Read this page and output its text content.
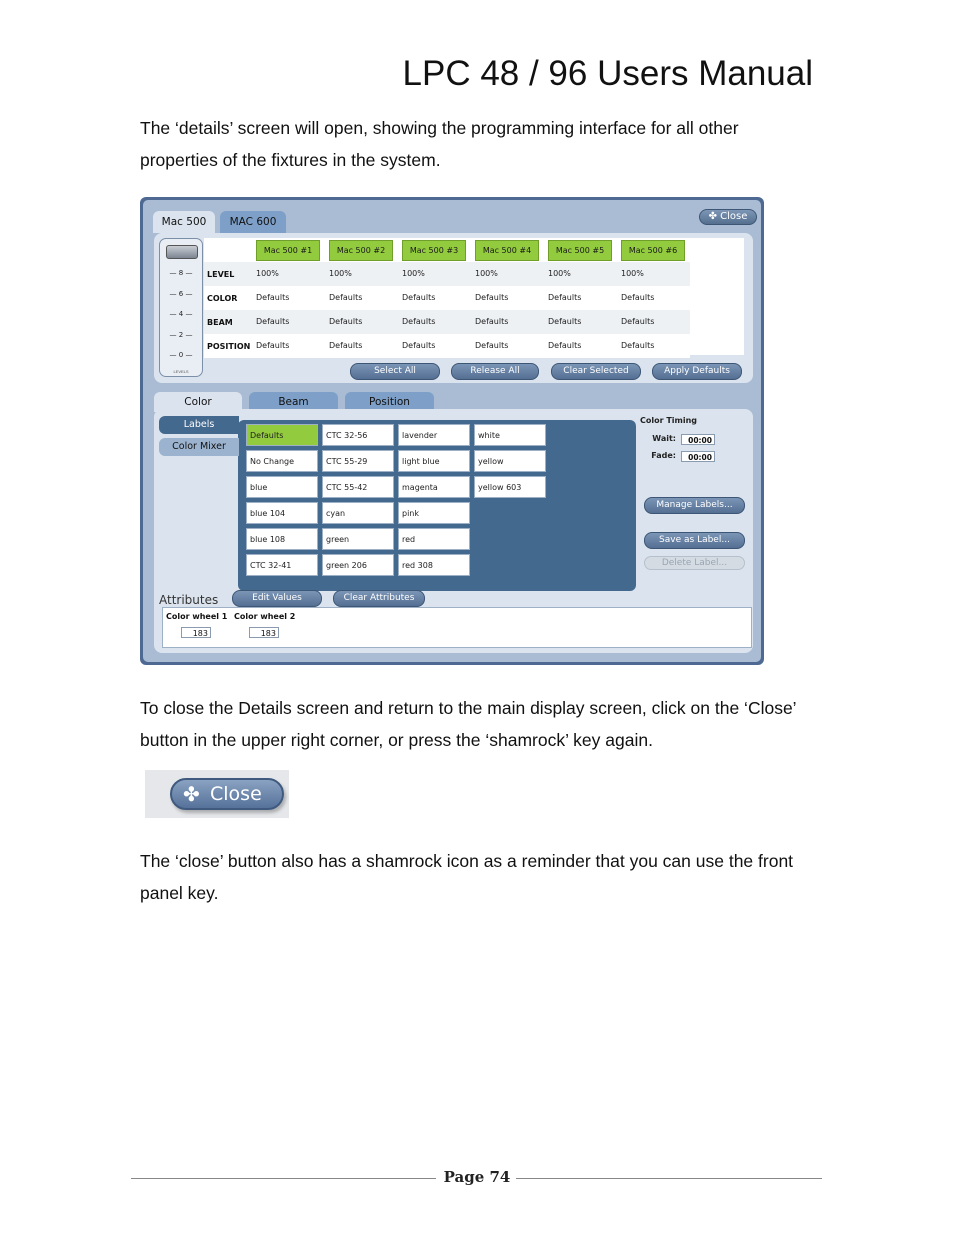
LPC 48 / 96 Users Manual

The ‘details’ screen will open, showing the programming interface for all other properties of the fixtures in the system.

Mac 500	MAC 600	✤ Close
— 8 —
— 6 —
— 4 —
— 2 —
— 0 —
LEVELS
Mac 500 #1	Mac 500 #2	Mac 500 #3	Mac 500 #4	Mac 500 #5	Mac 500 #6
LEVEL	100%	100%	100%	100%	100%	100%
COLOR Defaults	Defaults	Defaults	Defaults	Defaults	Defaults
BEAM	Defaults	Defaults	Defaults	Defaults	Defaults	Defaults
POSITION Defaults	Defaults	Defaults	Defaults	Defaults	Defaults
Select All	Release All	Clear Selected	Apply Defaults
Color	Beam	Position
Labels
Color Mixer
Defaults	CTC 32-56	lavender	white
No Change	CTC 55-29	light blue	yellow
blue	CTC 55-42	magenta	yellow 603
blue 104	cyan	pink
blue 108	green	red
CTC 32-41	green 206	red 308
Color Timing
Wait:	00:00
Fade:	00:00
Manage Labels...
Save as Label...
Delete Label...
Attributes	Edit Values	Clear Attributes
Color wheel 1
183
Color wheel 2
183

To close the Details screen and return to the main display screen, click on the ‘Close’ button in the upper right corner, or press the ‘shamrock’ key again.

✤ Close

The ‘close’ button also has a shamrock icon as a reminder that you can use the front panel key.

Page 74
